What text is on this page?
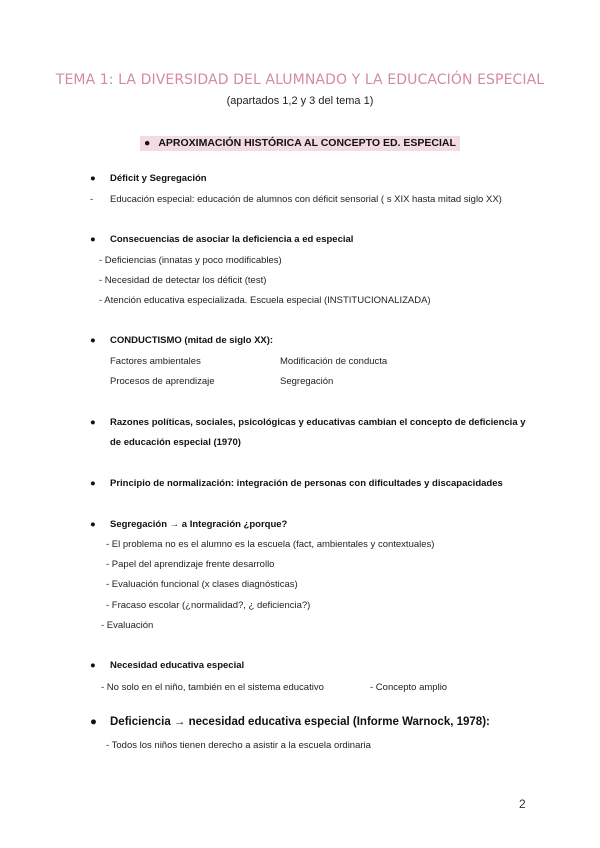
TEMA 1: LA DIVERSIDAD DEL ALUMNADO Y LA EDUCACIÓN ESPECIAL
(apartados 1,2 y 3 del tema 1)
● APROXIMACIÓN HISTÓRICA AL CONCEPTO ED. ESPECIAL
● Déficit y Segregación
- Educación especial: educación de alumnos con déficit sensorial ( s XIX hasta mitad siglo XX)
● Consecuencias de asociar la deficiencia a ed especial
- Deficiencias (innatas y poco modificables)
- Necesidad de detectar los déficit (test)
- Atención educativa especializada. Escuela especial (INSTITUCIONALIZADA)
● CONDUCTISMO (mitad de siglo XX):
Factores ambientales	Modificación de conducta
Procesos de aprendizaje	Segregación
● Razones políticas, sociales, psicológicas y educativas cambian el concepto de deficiencia y
de educación especial (1970)
● Principio de normalización: integración de personas con dificultades y discapacidades
● Segregación → a Integración ¿porque?
- El problema no es el alumno es la escuela (fact, ambientales y contextuales)
- Papel del aprendizaje frente desarrollo
- Evaluación funcional (x clases diagnósticas)
- Fracaso escolar (¿normalidad?, ¿ deficiencia?)
- Evaluación
● Necesidad educativa especial
- No solo en el niño, también en el sistema educativo	- Concepto amplio
● Deficiencia → necesidad educativa especial (Informe Warnock, 1978):
- Todos los niños tienen derecho a asistir a la escuela ordinaria
2
